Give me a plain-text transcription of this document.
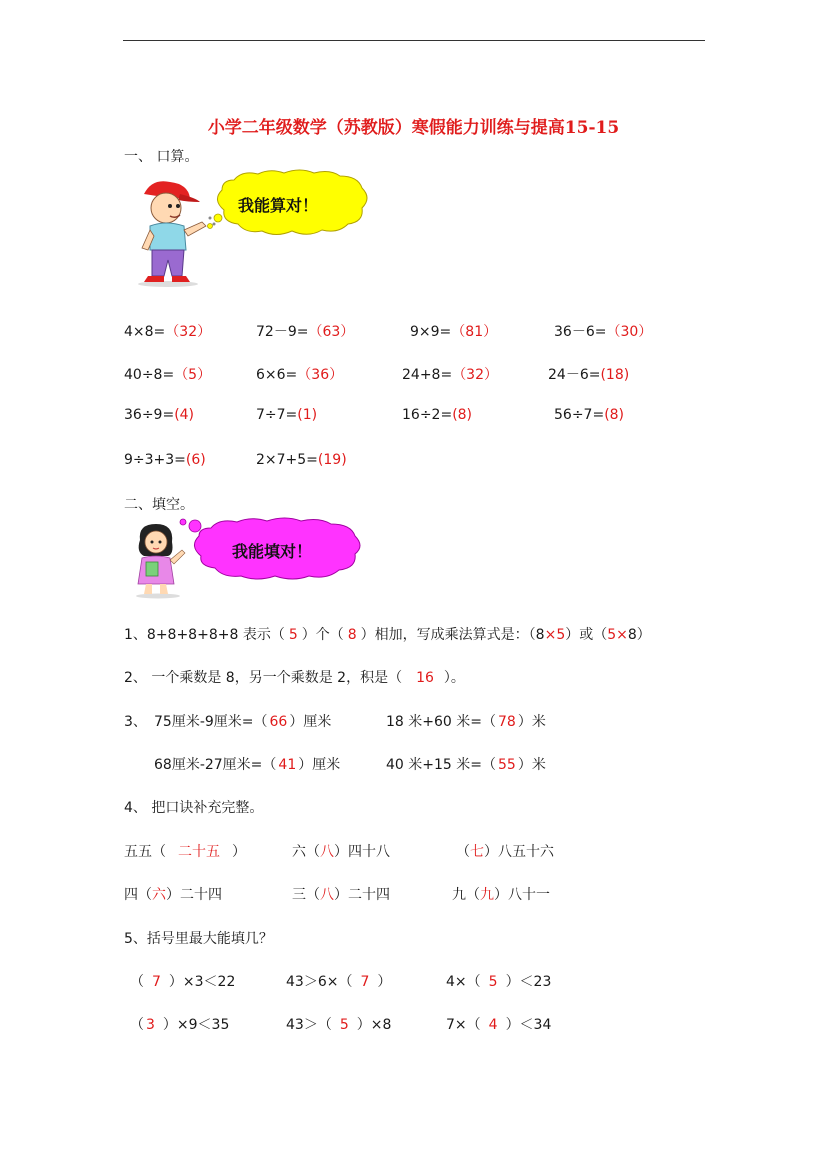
小学二年级数学（苏教版）寒假能力训练与提高15-15
一、 口算。
我能算对！
4×8=（32）	72－9=（63）	9×9=（81）	36－6=（30）
40÷8=（5）	6×6=（36）	24+8=（32）	24－6=(18)
36÷9=(4)	7÷7=(1)	16÷2=(8)	56÷7=(8)
9÷3+3=(6)	2×7+5=(19)
二、填空。
我能填对！
1、8+8+8+8+8 表示（ 5 ）个（ 8 ）相加，写成乘法算式是：（8×5）或（5×8）
2、 一个乘数是 8，另一个乘数是 2，积是（ 16 ）。
3、 75厘米-9厘米=（ 66 ）厘米	18 米+60 米=（ 78 ）米
68厘米-27厘米=（ 41 ）厘米	40 米+15 米=（ 55 ）米
4、 把口诀补充完整。
五五（ 二十五 ）	六（八）四十八	（七）八五十六
四（六）二十四	三（八）二十四	九（九）八十一
5、括号里最大能填几？
（ 7 ）×3＜22	43＞6×（ 7 ）	4×（ 5 ）＜23
（ 3 ）×9＜35	43＞（ 5 ）×8	7×（ 4 ）＜34
